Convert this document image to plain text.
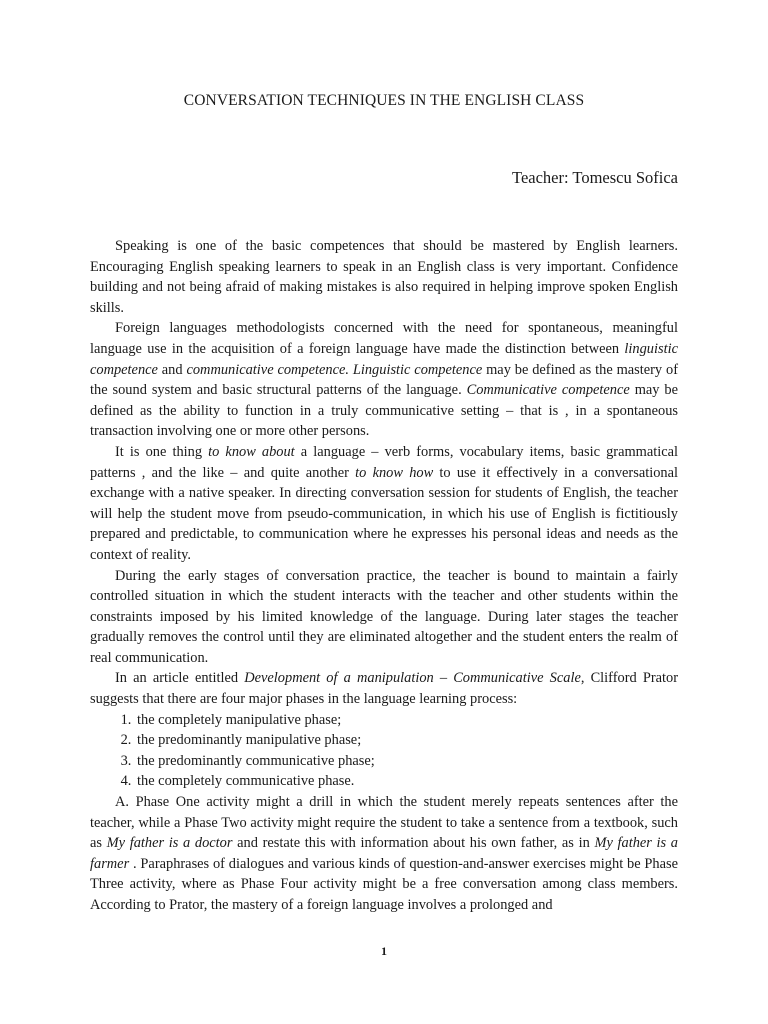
CONVERSATION TECHNIQUES IN THE ENGLISH CLASS
Teacher: Tomescu Sofica

Speaking is one of the basic competences that should be mastered by English learners. Encouraging English speaking learners to speak in an English class is very important. Confidence building and not being afraid of making mistakes is also required in helping improve spoken English skills.

Foreign languages methodologists concerned with the need for spontaneous, meaningful language use in the acquisition of a foreign language have made the distinction between linguistic competence and communicative competence. Linguistic competence may be defined as the mastery of the sound system and basic structural patterns of the language. Communicative competence may be defined as the ability to function in a truly communicative setting – that is , in a spontaneous transaction involving one or more other persons.

It is one thing to know about a language – verb forms, vocabulary items, basic grammatical patterns , and the like – and quite another to know how to use it effectively in a conversational exchange with a native speaker. In directing conversation session for students of English, the teacher will help the student move from pseudo-communication, in which his use of English is fictitiously prepared and predictable, to communication where he expresses his personal ideas and needs as the context of reality.

During the early stages of conversation practice, the teacher is bound to maintain a fairly controlled situation in which the student interacts with the teacher and other students within the constraints imposed by his limited knowledge of the language. During later stages the teacher gradually removes the control until they are eliminated altogether and the student enters the realm of real communication.

In an article entitled Development of a manipulation – Communicative Scale, Clifford Prator suggests that there are four major phases in the language learning process:

1. the completely manipulative phase;
2. the predominantly manipulative phase;
3. the predominantly communicative phase;
4. the completely communicative phase.

A. Phase One activity might a drill in which the student merely repeats sentences after the teacher, while a Phase Two activity might require the student to take a sentence from a textbook, such as My father is a doctor and restate this with information about his own father, as in My father is a farmer . Paraphrases of dialogues and various kinds of question-and-answer exercises might be Phase Three activity, where as Phase Four activity might be a free conversation among class members. According to Prator, the mastery of a foreign language involves a prolonged and

1
